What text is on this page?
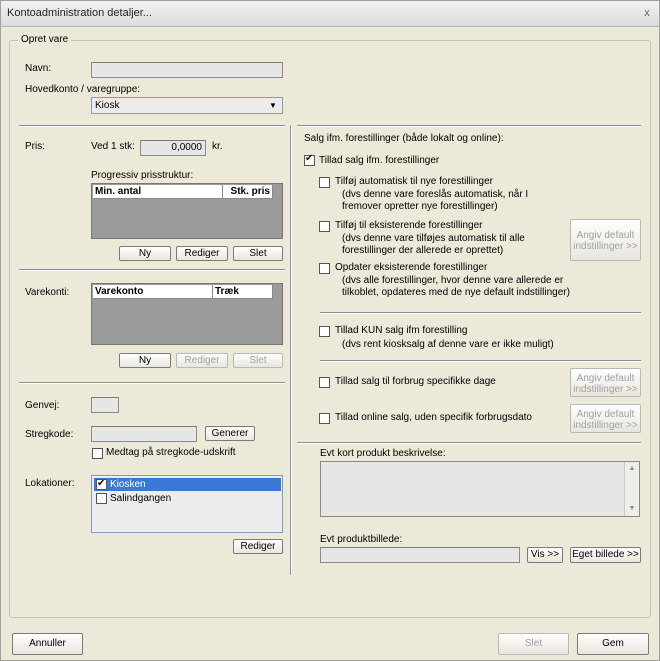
Kontoadministration detaljer...	x
Opret vare
Navn:
Hovedkonto / varegruppe:
Kiosk	▼
Pris:	Ved 1 stk:	0,0000	kr.
Progressiv prisstruktur:
Min. antal	Stk. pris
Ny	Rediger	Slet
Varekonti:	Varekonto	Træk
Ny	Rediger	Slet
Genvej:
Stregkode:	Generer
Medtag på stregkode-udskrift
Lokationer:
✔	Kiosken
Salindgangen
Rediger
Salg ifm. forestillinger (både lokalt og online):
✔
Tillad salg ifm. forestillinger
Tilføj automatisk til nye forestillinger
(dvs denne vare foreslås automatisk, når I
fremover opretter nye forestillinger)
Tilføj til eksisterende forestillinger
(dvs denne vare tilføjes automatisk til alle
forestillinger der allerede er oprettet)
Angiv default
indstillinger >>
Opdater eksisterende forestillinger
(dvs alle forestillinger, hvor denne vare allerede er
tilkoblet, opdateres med de nye default indstillinger)
Tillad KUN salg ifm forestilling
(dvs rent kiosksalg af denne vare er ikke muligt)
Tillad salg til forbrug specifikke dage	Angiv default
indstillinger >>
Tillad online salg, uden specifik forbrugsdato	Angiv default
indstillinger >>
Evt kort produkt beskrivelse:
▲
▼
Evt produktbillede:
Vis >>	Eget billede >>
Annuller	Slet	Gem
